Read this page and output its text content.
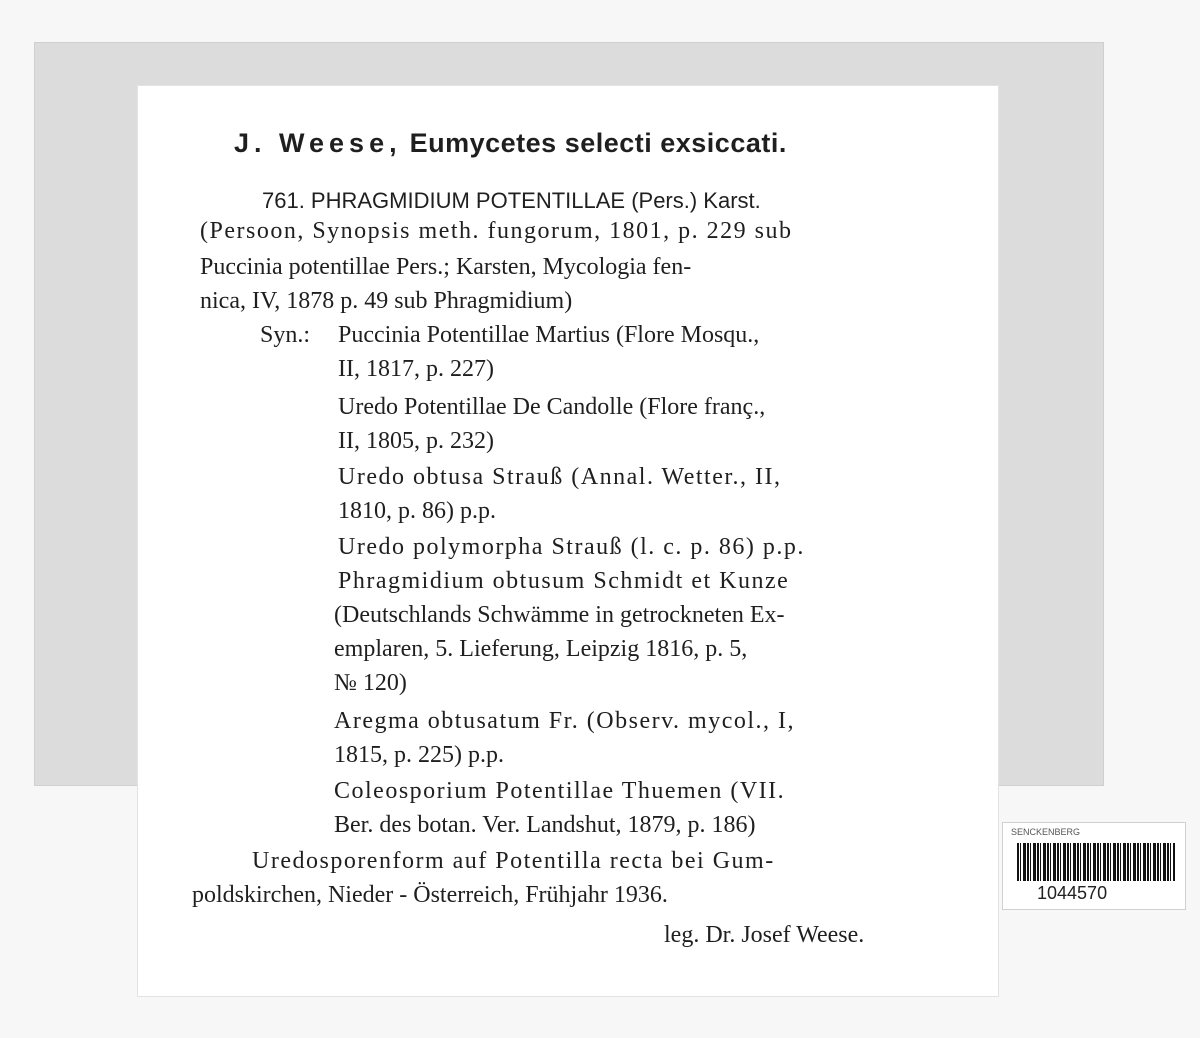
J. Weese, Eumycetes selecti exsiccati.
761. PHRAGMIDIUM POTENTILLAE (Pers.) Karst.
(Persoon, Synopsis meth. fungorum, 1801, p. 229 sub
Puccinia potentillae Pers.; Karsten, Mycologia fen-
nica, IV, 1878 p. 49 sub Phragmidium)
Syn.: Puccinia Potentillae Martius (Flore Mosqu.,
II, 1817, p. 227)
Uredo Potentillae De Candolle (Flore franç.,
II, 1805, p. 232)
Uredo obtusa Strauß (Annal. Wetter., II,
1810, p. 86) p.p.
Uredo polymorpha Strauß (l. c. p. 86) p.p.
Phragmidium obtusum Schmidt et Kunze
(Deutschlands Schwämme in getrockneten Ex-
emplaren, 5. Lieferung, Leipzig 1816, p. 5,
№ 120)
Aregma obtusatum Fr. (Observ. mycol., I,
1815, p. 225) p.p.
Coleosporium Potentillae Thuemen (VII.
Ber. des botan. Ver. Landshut, 1879, p. 186)
Uredosporenform auf Potentilla recta bei Gum-
poldskirchen, Nieder - Österreich, Frühjahr 1936.
leg. Dr. Josef Weese.
SENCKENBERG
1044570
